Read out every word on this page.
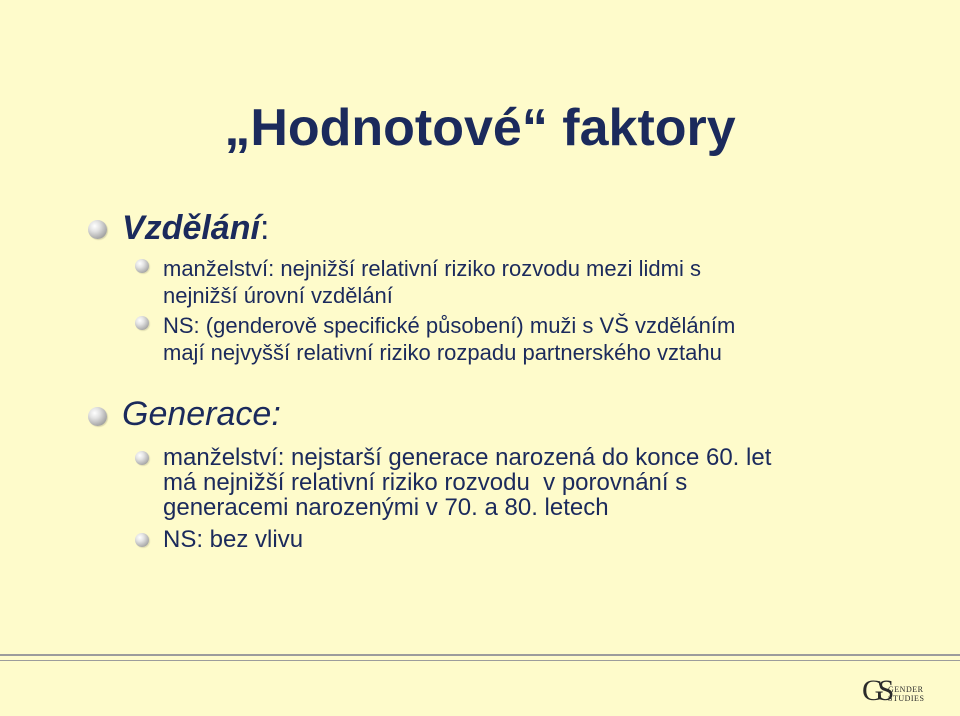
„Hodnotové“ faktory
Vzdělání:
manželství: nejnižší relativní riziko rozvodu mezi lidmi s
nejnižší úrovní vzdělání
NS: (genderově specifické působení) muži s VŠ vzděláním
mají nejvyšší relativní riziko rozpadu partnerského vztahu
Generace:
manželství: nejstarší generace narozená do konce 60. let
má nejnižší relativní riziko rozvodu  v porovnání s
generacemi narozenými v 70. a 80. letech
NS: bez vlivu
GS GENDER
STUDIES
